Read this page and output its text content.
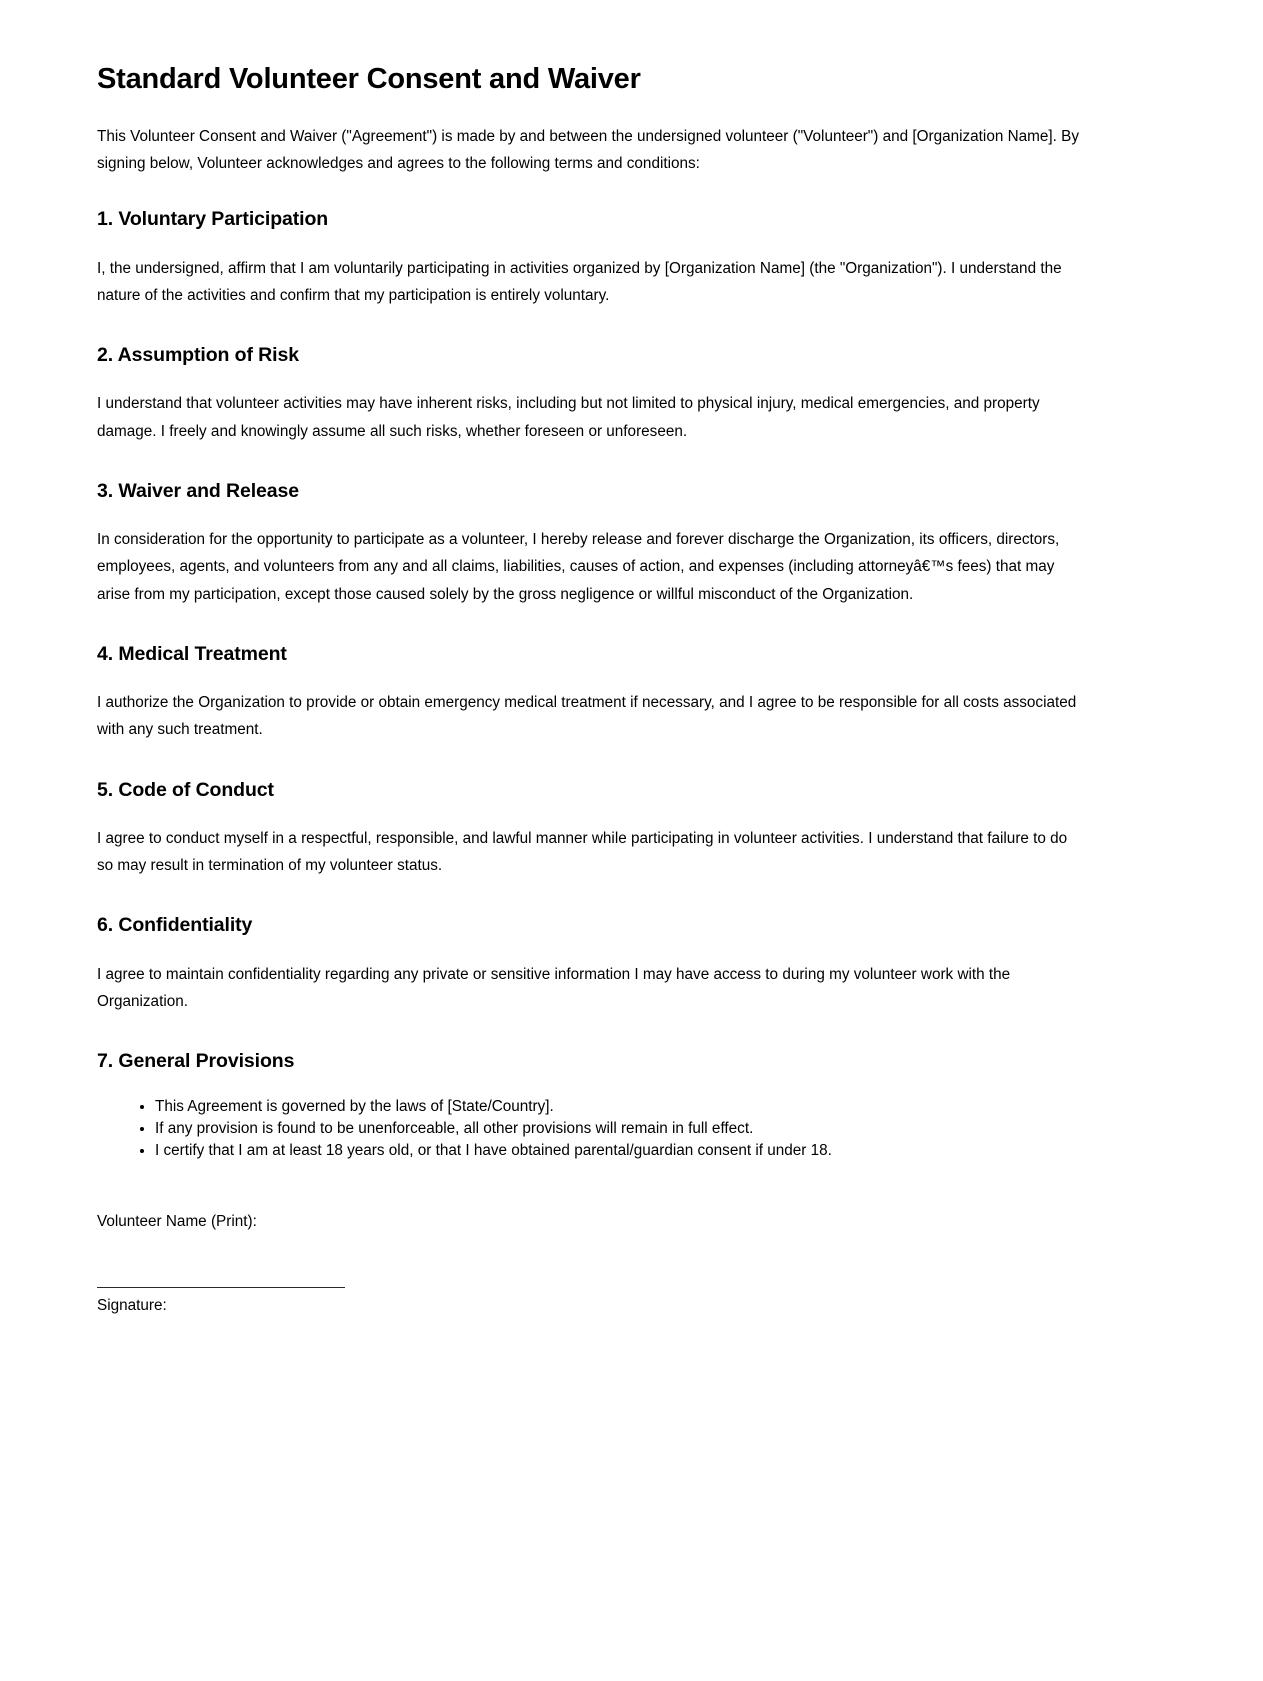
Standard Volunteer Consent and Waiver

This Volunteer Consent and Waiver ("Agreement") is made by and between the undersigned volunteer ("Volunteer") and [Organization Name]. By signing below, Volunteer acknowledges and agrees to the following terms and conditions:

1. Voluntary Participation

I, the undersigned, affirm that I am voluntarily participating in activities organized by [Organization Name] (the "Organization"). I understand the nature of the activities and confirm that my participation is entirely voluntary.

2. Assumption of Risk

I understand that volunteer activities may have inherent risks, including but not limited to physical injury, medical emergencies, and property damage. I freely and knowingly assume all such risks, whether foreseen or unforeseen.

3. Waiver and Release

In consideration for the opportunity to participate as a volunteer, I hereby release and forever discharge the Organization, its officers, directors, employees, agents, and volunteers from any and all claims, liabilities, causes of action, and expenses (including attorneyâ€™s fees) that may arise from my participation, except those caused solely by the gross negligence or willful misconduct of the Organization.

4. Medical Treatment

I authorize the Organization to provide or obtain emergency medical treatment if necessary, and I agree to be responsible for all costs associated with any such treatment.

5. Code of Conduct

I agree to conduct myself in a respectful, responsible, and lawful manner while participating in volunteer activities. I understand that failure to do so may result in termination of my volunteer status.

6. Confidentiality

I agree to maintain confidentiality regarding any private or sensitive information I may have access to during my volunteer work with the Organization.

7. General Provisions
• This Agreement is governed by the laws of [State/Country].
• If any provision is found to be unenforceable, all other provisions will remain in full effect.
• I certify that I am at least 18 years old, or that I have obtained parental/guardian consent if under 18.

Volunteer Name (Print):

Signature:
